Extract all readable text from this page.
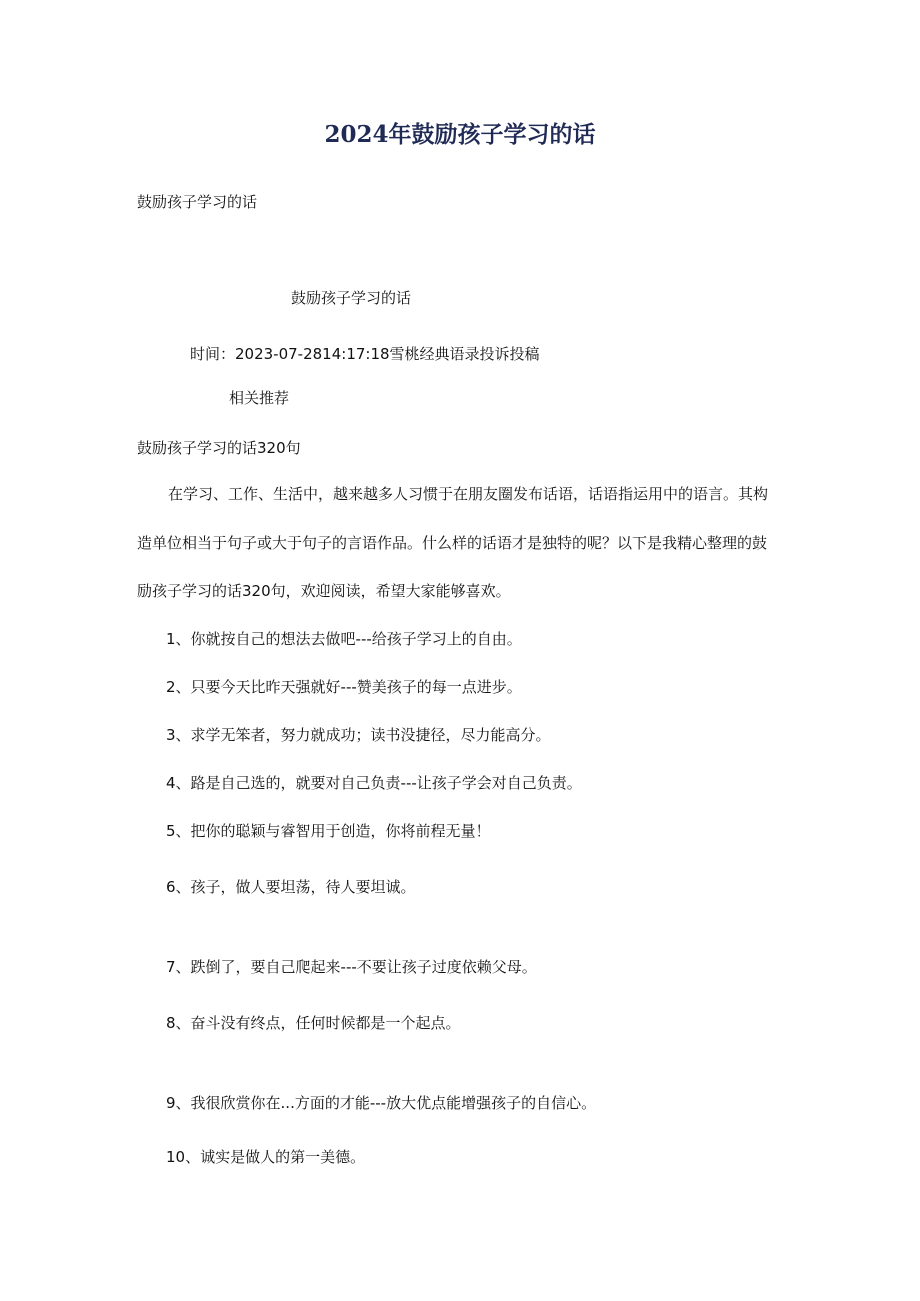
2024年鼓励孩子学习的话
鼓励孩子学习的话
鼓励孩子学习的话
时间：2023-07-2814:17:18雪桃经典语录投诉投稿
相关推荐
鼓励孩子学习的话320句
在学习、工作、生活中，越来越多人习惯于在朋友圈发布话语，话语指运用中的语言。其构
造单位相当于句子或大于句子的言语作品。什么样的话语才是独特的呢？以下是我精心整理的鼓
励孩子学习的话320句，欢迎阅读，希望大家能够喜欢。
1、你就按自己的想法去做吧---给孩子学习上的自由。
2、只要今天比昨天强就好---赞美孩子的每一点进步。
3、求学无笨者，努力就成功；读书没捷径，尽力能高分。
4、路是自己选的，就要对自己负责---让孩子学会对自己负责。
5、把你的聪颖与睿智用于创造，你将前程无量！
6、孩子，做人要坦荡，待人要坦诚。
7、跌倒了，要自己爬起来---不要让孩子过度依赖父母。
8、奋斗没有终点，任何时候都是一个起点。
9、我很欣赏你在...方面的才能---放大优点能增强孩子的自信心。
10、诚实是做人的第一美德。
